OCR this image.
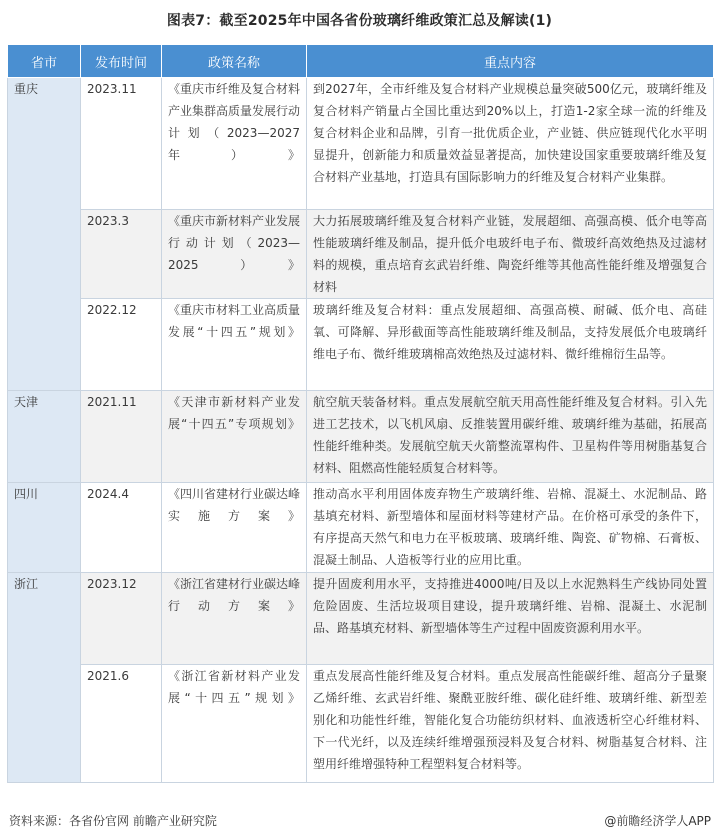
图表7：截至2025年中国各省份玻璃纤维政策汇总及解读(1)
省市	发布时间	政策名称	重点内容
重庆	2023.11	《重庆市纤维及复合材料产业集群高质量发展行动计划（2023—2027年）》	到2027年，全市纤维及复合材料产业规模总量突破500亿元，玻璃纤维及复合材料产销量占全国比重达到20%以上，打造1-2家全球一流的纤维及复合材料企业和品牌，引育一批优质企业，产业链、供应链现代化水平明显提升，创新能力和质量效益显著提高，加快建设国家重要玻璃纤维及复合材料产业基地，打造具有国际影响力的纤维及复合材料产业集群。
	2023.3	《重庆市新材料产业发展行动计划（2023—2025）》	大力拓展玻璃纤维及复合材料产业链，发展超细、高强高模、低介电等高性能玻璃纤维及制品，提升低介电玻纤电子布、微玻纤高效绝热及过滤材料的规模，重点培育玄武岩纤维、陶瓷纤维等其他高性能纤维及增强复合材料
	2022.12	《重庆市材料工业高质量发展“十四五”规划》	玻璃纤维及复合材料：重点发展超细、高强高模、耐碱、低介电、高硅氧、可降解、异形截面等高性能玻璃纤维及制品，支持发展低介电玻璃纤维电子布、微纤维玻璃棉高效绝热及过滤材料、微纤维棉衍生品等。
天津	2021.11	《天津市新材料产业发展“十四五”专项规划》	航空航天装备材料。重点发展航空航天用高性能纤维及复合材料。引入先进工艺技术，以飞机风扇、反推装置用碳纤维、玻璃纤维为基础，拓展高性能纤维种类。发展航空航天火箭整流罩构件、卫星构件等用树脂基复合材料、阻燃高性能轻质复合材料等。
四川	2024.4	《四川省建材行业碳达峰实施方案》	推动高水平利用固体废弃物生产玻璃纤维、岩棉、混凝土、水泥制品、路基填充材料、新型墙体和屋面材料等建材产品。在价格可承受的条件下，有序提高天然气和电力在平板玻璃、玻璃纤维、陶瓷、矿物棉、石膏板、混凝土制品、人造板等行业的应用比重。
浙江	2023.12	《浙江省建材行业碳达峰行动方案》	提升固废利用水平，支持推进4000吨/日及以上水泥熟料生产线协同处置危险固废、生活垃圾项目建设，提升玻璃纤维、岩棉、混凝土、水泥制品、路基填充材料、新型墙体等生产过程中固废资源利用水平。
	2021.6	《浙江省新材料产业发展“十四五”规划》	重点发展高性能纤维及复合材料。重点发展高性能碳纤维、超高分子量聚乙烯纤维、玄武岩纤维、聚酰亚胺纤维、碳化硅纤维、玻璃纤维、新型差别化和功能性纤维，智能化复合功能纺织材料、血液透析空心纤维材料、下一代光纤，以及连续纤维增强预浸料及复合材料、树脂基复合材料、注塑用纤维增强特种工程塑料复合材料等。
资料来源：各省份官网 前瞻产业研究院	@前瞻经济学人APP
